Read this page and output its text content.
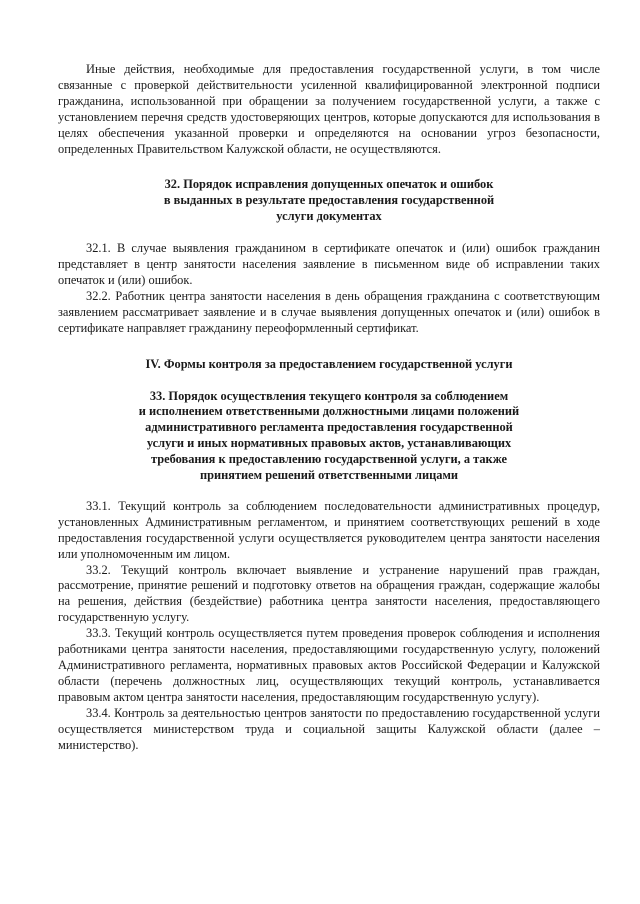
Иные действия, необходимые для предоставления государственной услуги, в том числе связанные с проверкой действительности усиленной квалифицированной электронной подписи гражданина, использованной при обращении за получением государственной услуги, а также с установлением перечня средств удостоверяющих центров, которые допускаются для использования в целях обеспечения указанной проверки и определяются на основании угроз безопасности, определенных Правительством Калужской области, не осуществляются.

32. Порядок исправления допущенных опечаток и ошибок
в выданных в результате предоставления государственной
услуги документах

32.1. В случае выявления гражданином в сертификате опечаток и (или) ошибок гражданин представляет в центр занятости населения заявление в письменном виде об исправлении таких опечаток и (или) ошибок.

32.2. Работник центра занятости населения в день обращения гражданина с соответствующим заявлением рассматривает заявление и в случае выявления допущенных опечаток и (или) ошибок в сертификате направляет гражданину переоформленный сертификат.

IV. Формы контроля за предоставлением государственной услуги
33. Порядок осуществления текущего контроля за соблюдением
и исполнением ответственными должностными лицами положений
административного регламента предоставления государственной
услуги и иных нормативных правовых актов, устанавливающих
требования к предоставлению государственной услуги, а также
принятием решений ответственными лицами

33.1. Текущий контроль за соблюдением последовательности административных процедур, установленных Административным регламентом, и принятием соответствующих решений в ходе предоставления государственной услуги осуществляется руководителем центра занятости населения или уполномоченным им лицом.

33.2. Текущий контроль включает выявление и устранение нарушений прав граждан, рассмотрение, принятие решений и подготовку ответов на обращения граждан, содержащие жалобы на решения, действия (бездействие) работника центра занятости населения, предоставляющего государственную услугу.

33.3. Текущий контроль осуществляется путем проведения проверок соблюдения и исполнения работниками центра занятости населения, предоставляющими государственную услугу, положений Административного регламента, нормативных правовых актов Российской Федерации и Калужской области (перечень должностных лиц, осуществляющих текущий контроль, устанавливается правовым актом центра занятости населения, предоставляющим государственную услугу).

33.4. Контроль за деятельностью центров занятости по предоставлению государственной услуги осуществляется министерством труда и социальной защиты Калужской области (далее – министерство).
